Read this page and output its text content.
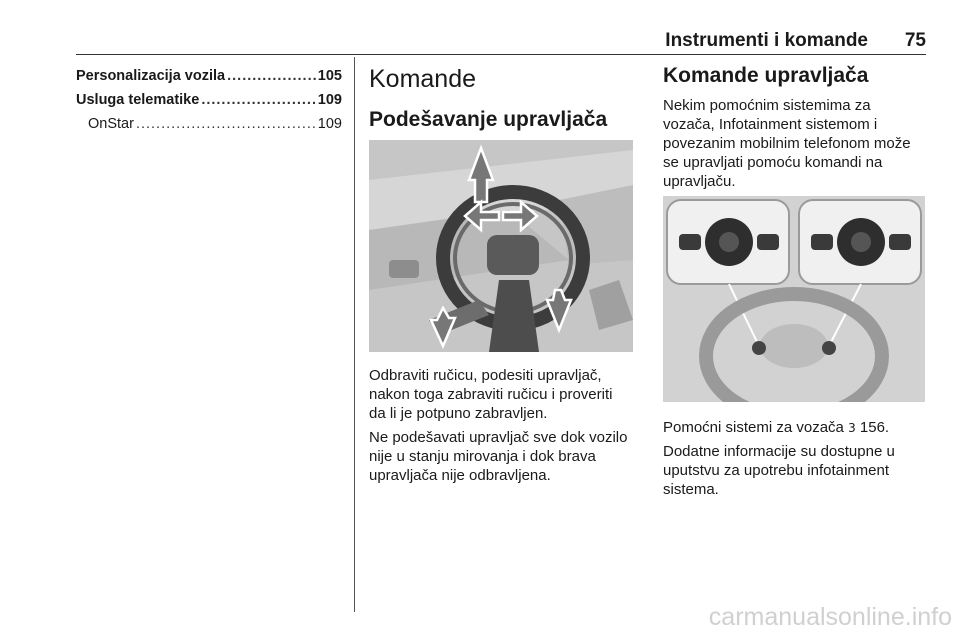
Instrumenti i komande 75
Personalizacija vozila .....	105
Usluga telematike .....	109
OnStar .....	109
Komande
Podešavanje upravljača

Odbraviti ručicu, podesiti upravljač, nakon toga zabraviti ručicu i proveriti da li je potpuno zabravljen.

Ne podešavati upravljač sve dok vozilo nije u stanju mirovanja i dok brava upravljača nije odbravljena.

Komande upravljača

Nekim pomoćnim sistemima za vozača, Infotainment sistemom i povezanim mobilnim telefonom može se upravljati pomoću komandi na upravljaču.

Pomoćni sistemi za vozača 3 156.

Dodatne informacije su dostupne u uputstvu za upotrebu infotainment sistema.

carmanualsonline.info
